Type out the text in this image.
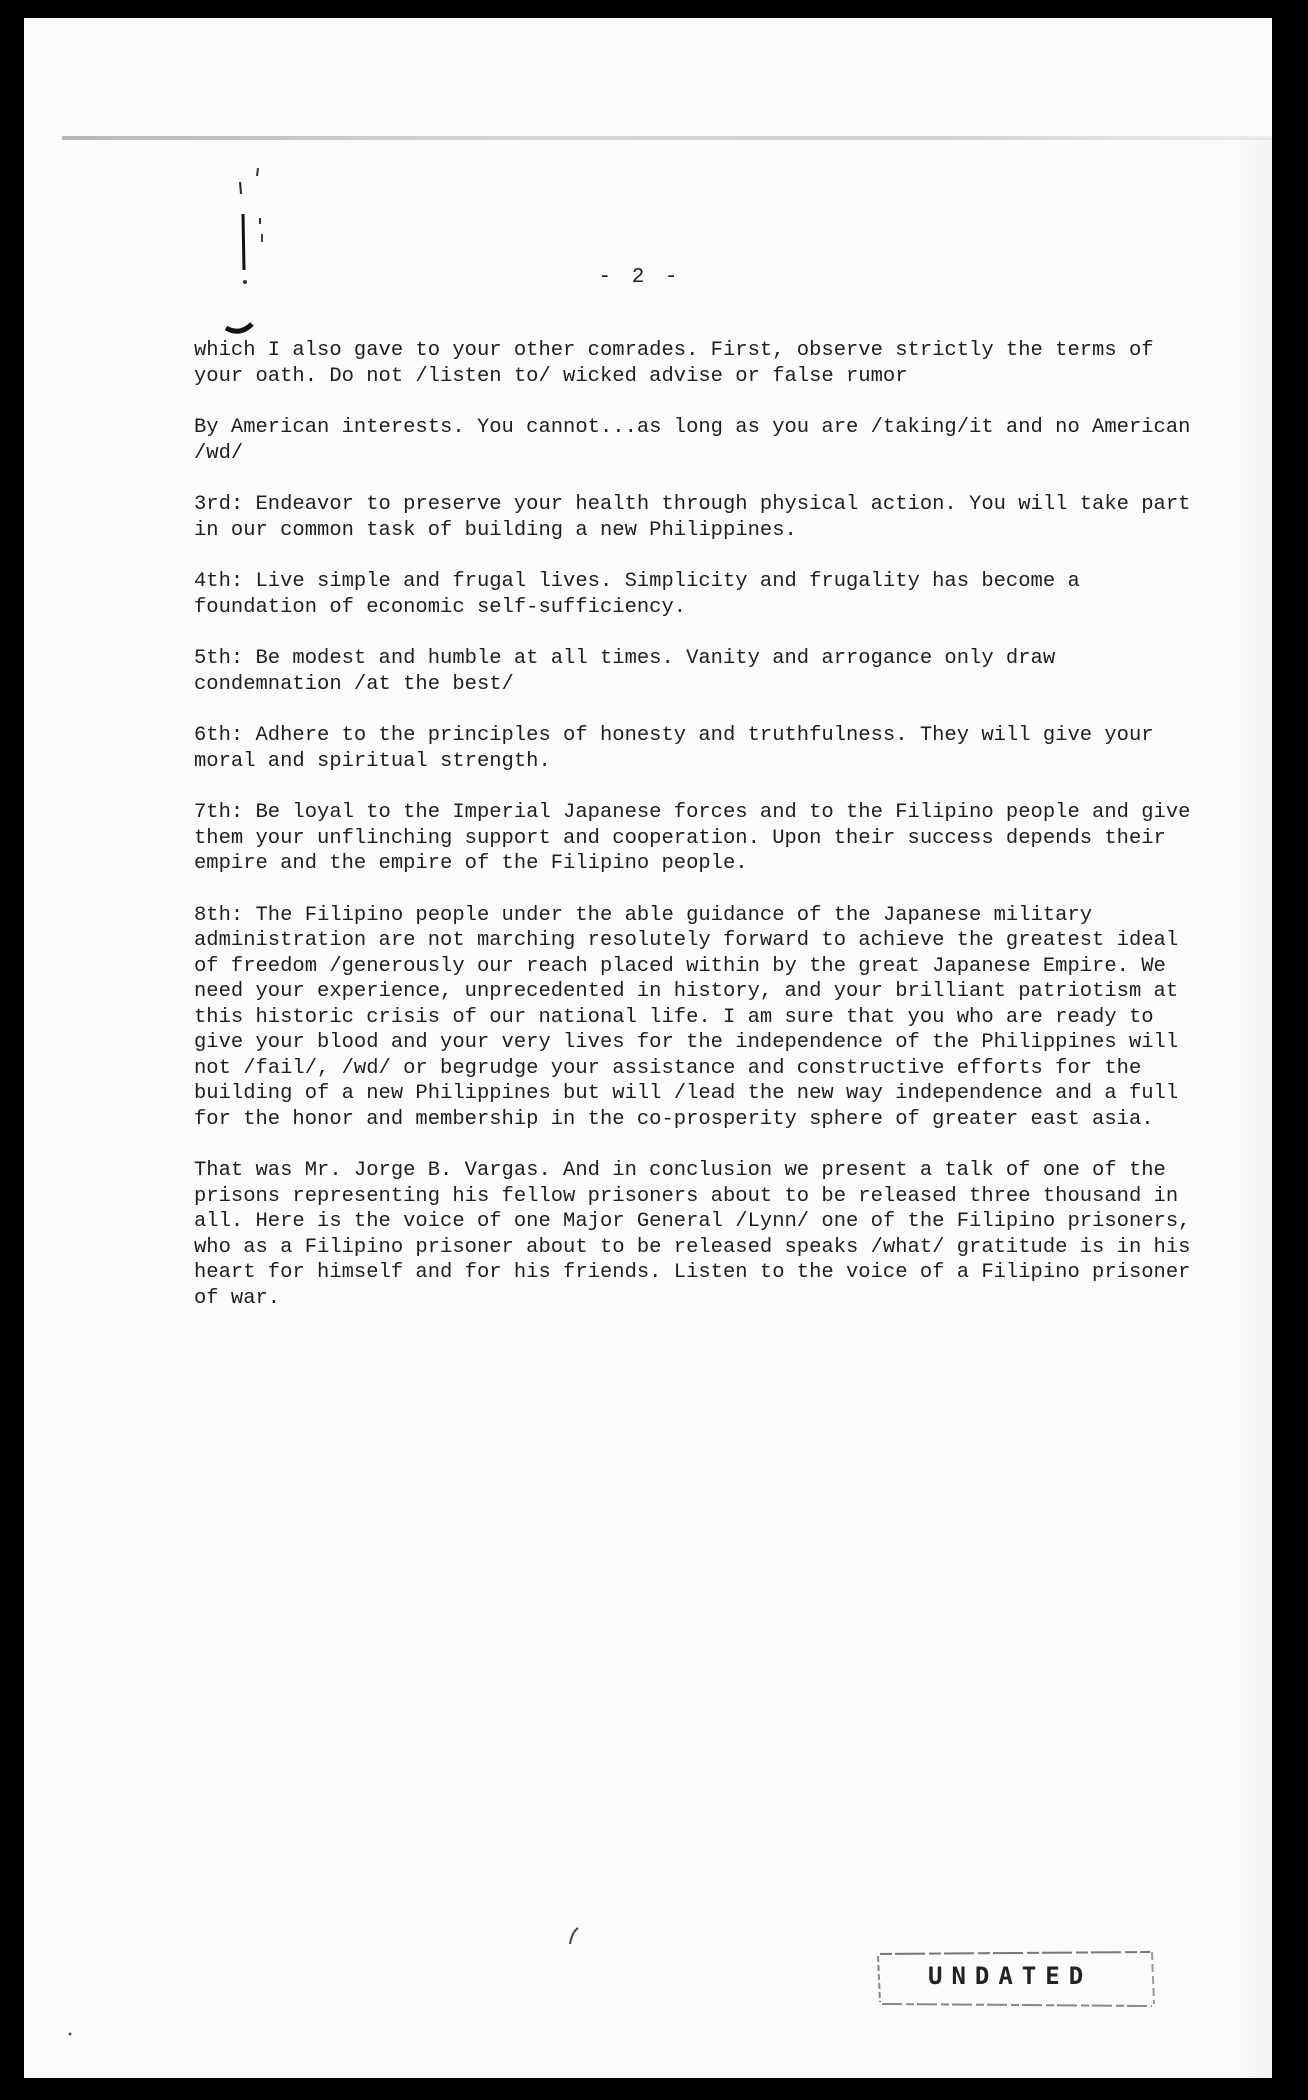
- 2 -

which I also gave to your other comrades. First, observe strictly the terms of your oath. Do not /listen to/ wicked advise or false rumor

By American interests. You cannot...as long as you are /taking/it and no American /wd/

3rd: Endeavor to preserve your health through physical action. You will take part in our common task of building a new Philippines.

4th: Live simple and frugal lives. Simplicity and frugality has become a foundation of economic self-sufficiency.

5th: Be modest and humble at all times. Vanity and arrogance only draw condemnation /at the best/

6th: Adhere to the principles of honesty and truthfulness. They will give your moral and spiritual strength.

7th: Be loyal to the Imperial Japanese forces and to the Filipino people and give them your unflinching support and cooperation. Upon their success depends their empire and the empire of the Filipino people.

8th: The Filipino people under the able guidance of the Japanese military administration are not marching resolutely forward to achieve the greatest ideal of freedom /generously our reach placed within by the great Japanese Empire. We need your experience, unprecedented in history, and your brilliant patriotism at this historic crisis of our national life. I am sure that you who are ready to give your blood and your very lives for the independence of the Philippines will not /fail/, /wd/ or begrudge your assistance and constructive efforts for the building of a new Philippines but will /lead the new way independence and a full for the honor and membership in the co-prosperity sphere of greater east asia.

That was Mr. Jorge B. Vargas. And in conclusion we present a talk of one of the prisons representing his fellow prisoners about to be released three thousand in all. Here is the voice of one Major General /Lynn/ one of the Filipino prisoners, who as a Filipino prisoner about to be released speaks /what/ gratitude is in his heart for himself and for his friends. Listen to the voice of a Filipino prisoner of war.

UNDATED
